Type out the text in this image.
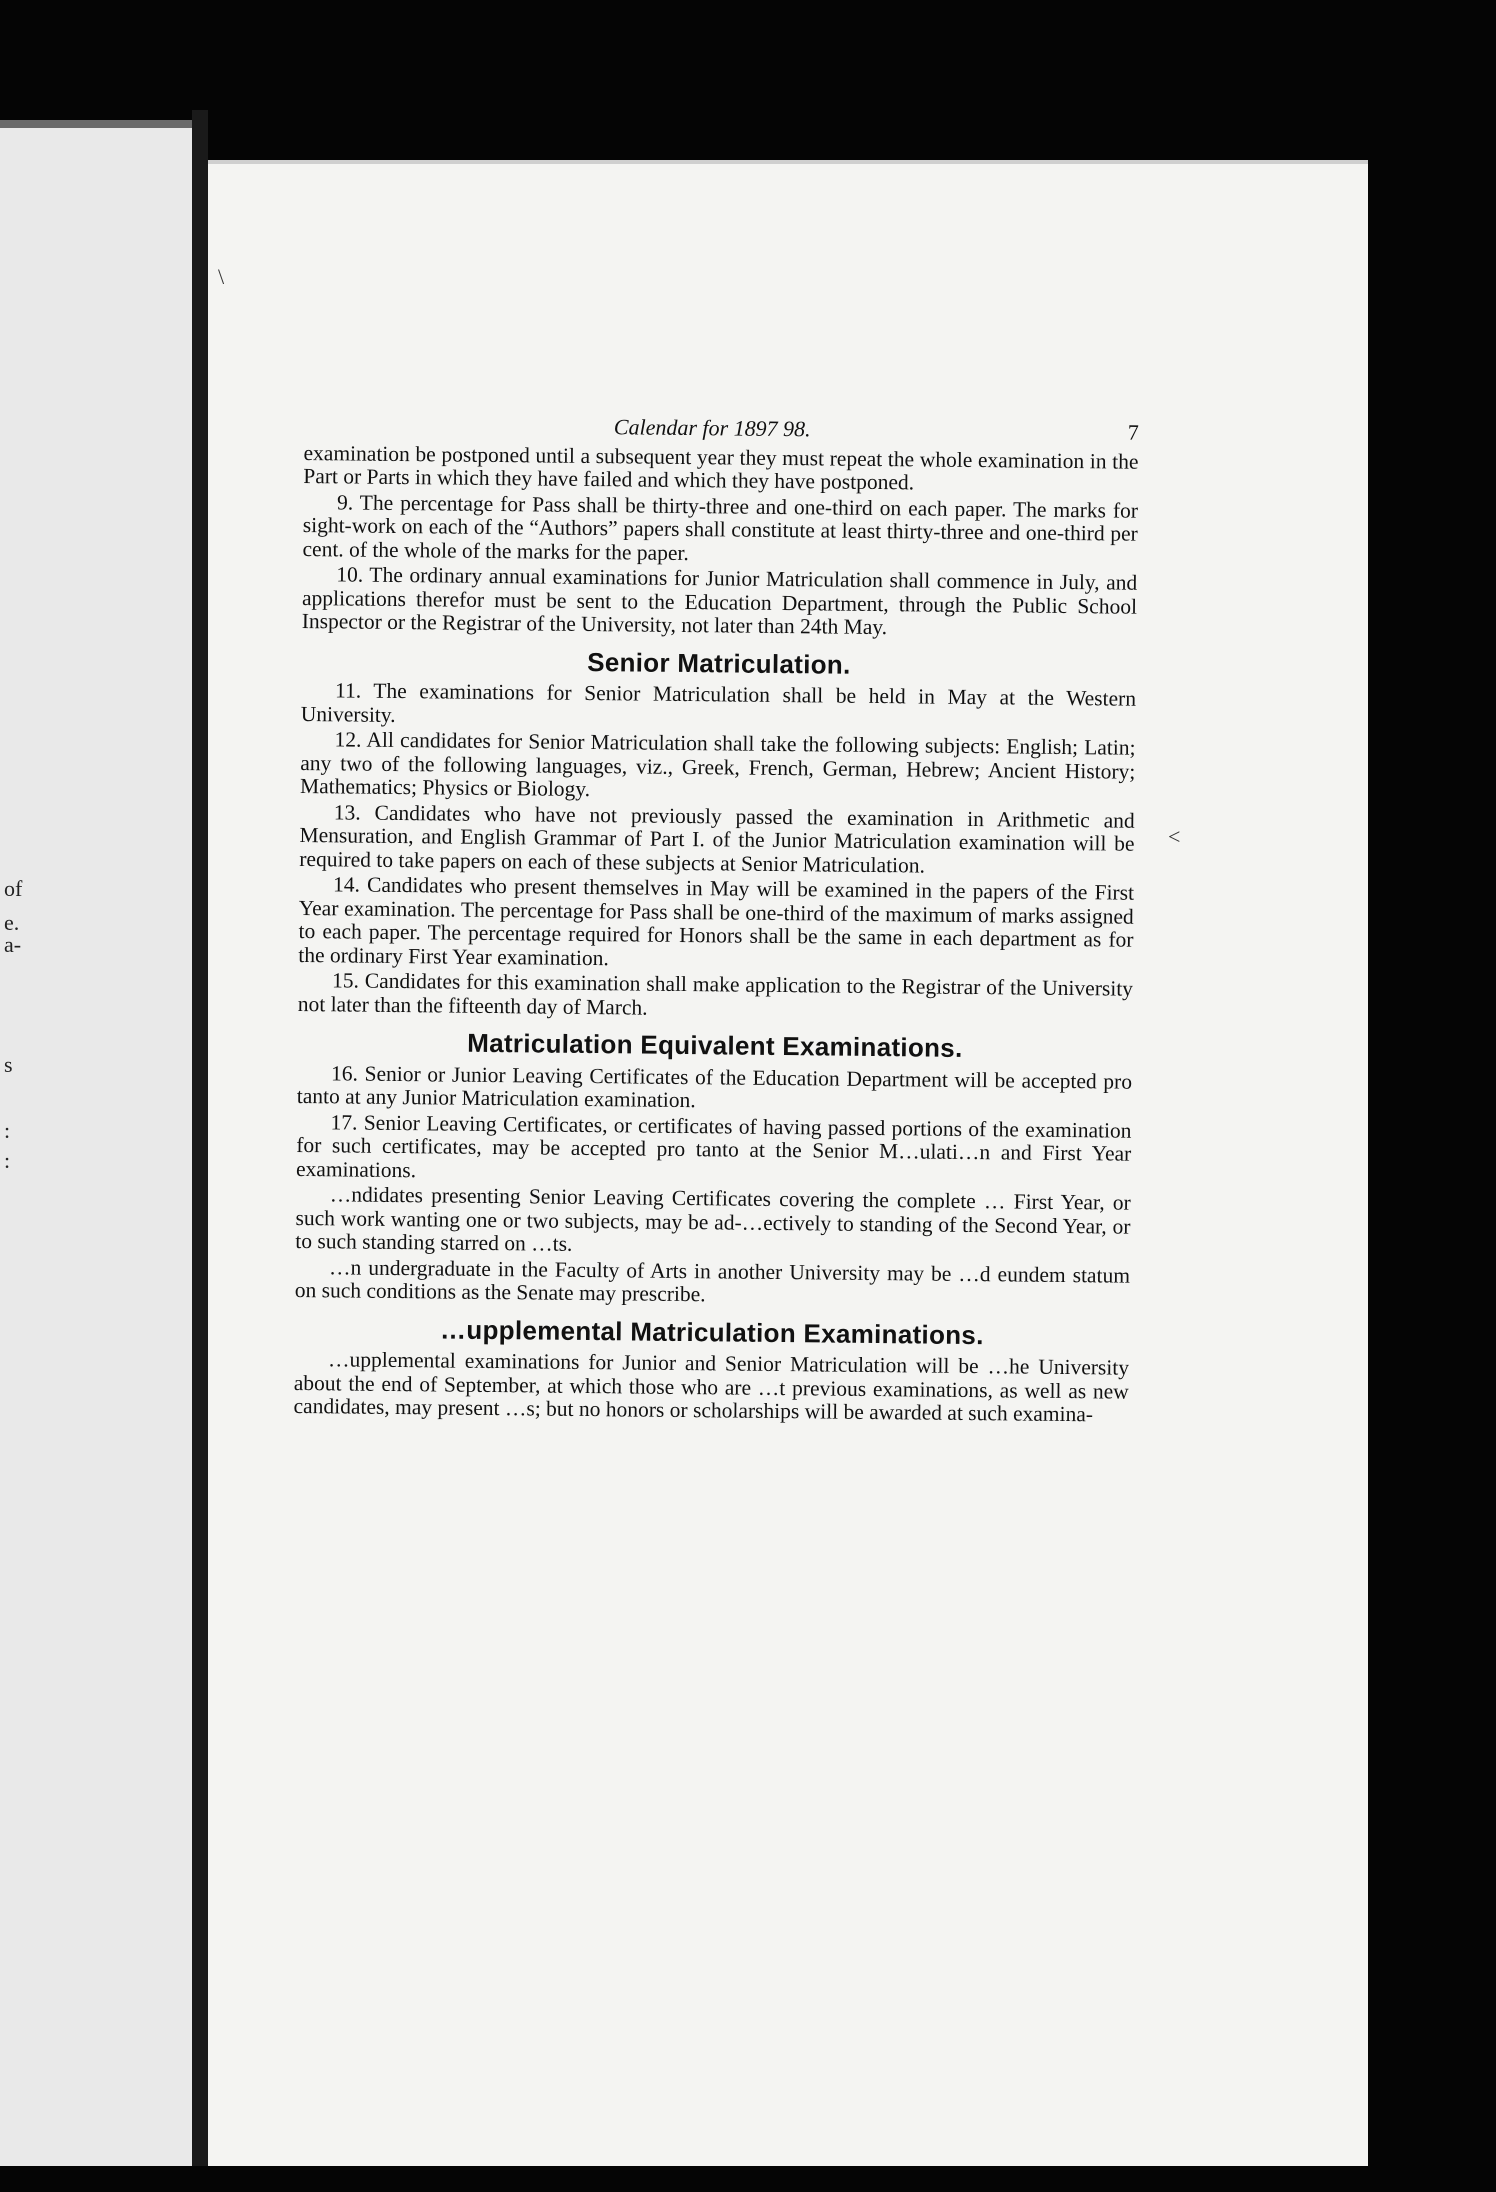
of
e.
a-
s
:
:
\
<
Calendar for 1897 98.	7

examination be postponed until a subsequent year they must repeat the whole examination in the Part or Parts in which they have failed and which they have postponed.

9. The percentage for Pass shall be thirty-three and one-third on each paper. The marks for sight-work on each of the “Authors” papers shall constitute at least thirty-three and one-third per cent. of the whole of the marks for the paper.

10. The ordinary annual examinations for Junior Matriculation shall commence in July, and applications therefor must be sent to the Education Department, through the Public School Inspector or the Registrar of the University, not later than 24th May.

Senior Matriculation.

11. The examinations for Senior Matriculation shall be held in May at the Western University.

12. All candidates for Senior Matriculation shall take the following subjects: English; Latin; any two of the following languages, viz., Greek, French, German, Hebrew; Ancient History; Mathematics; Physics or Biology.

13. Candidates who have not previously passed the examination in Arithmetic and Mensuration, and English Grammar of Part I. of the Junior Matriculation examination will be required to take papers on each of these subjects at Senior Matriculation.

14. Candidates who present themselves in May will be examined in the papers of the First Year examination. The percentage for Pass shall be one-third of the maximum of marks assigned to each paper. The percentage required for Honors shall be the same in each department as for the ordinary First Year examination.

15. Candidates for this examination shall make application to the Registrar of the University not later than the fifteenth day of March.

Matriculation Equivalent Examinations.

16. Senior or Junior Leaving Certificates of the Education Department will be accepted pro tanto at any Junior Matriculation examination.

17. Senior Leaving Certificates, or certificates of having passed portions of the examination for such certificates, may be accepted pro tanto at the Senior M…ulati…n and First Year examinations.

…ndidates presenting Senior Leaving Certificates covering the complete … First Year, or such work wanting one or two subjects, may be ad-…ectively to standing of the Second Year, or to such standing starred on …ts.

…n undergraduate in the Faculty of Arts in another University may be …d eundem statum on such conditions as the Senate may prescribe.

…upplemental Matriculation Examinations.

…upplemental examinations for Junior and Senior Matriculation will be …he University about the end of September, at which those who are …t previous examinations, as well as new candidates, may present …s; but no honors or scholarships will be awarded at such examina-
